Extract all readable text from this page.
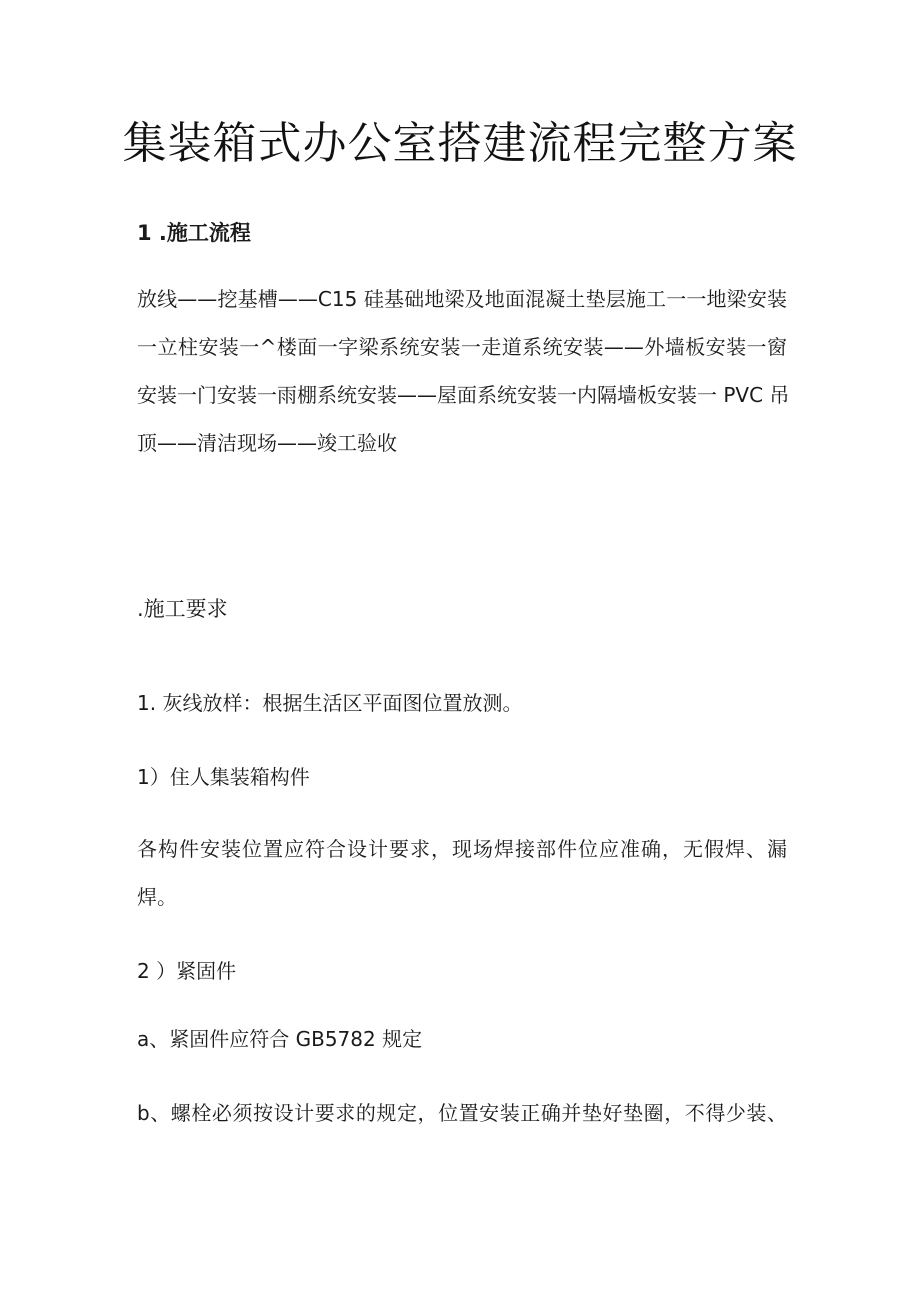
集装箱式办公室搭建流程完整方案

1 .施工流程

放线——挖基槽——C15 硅基础地梁及地面混凝土垫层施工一一地梁安装

一立柱安装一^楼面一字梁系统安装一走道系统安装——外墙板安装一窗

安装一门安装一雨棚系统安装——屋面系统安装一内隔墙板安装一 PVC 吊

顶——清洁现场——竣工验收

.施工要求

1. 灰线放样：根据生活区平面图位置放测。

1）住人集装箱构件

各构件安装位置应符合设计要求，现场焊接部件位应准确，无假焊、漏

焊。

2 ）紧固件

a、紧固件应符合 GB5782 规定

b、螺栓必须按设计要求的规定，位置安装正确并垫好垫圈，不得少装、
